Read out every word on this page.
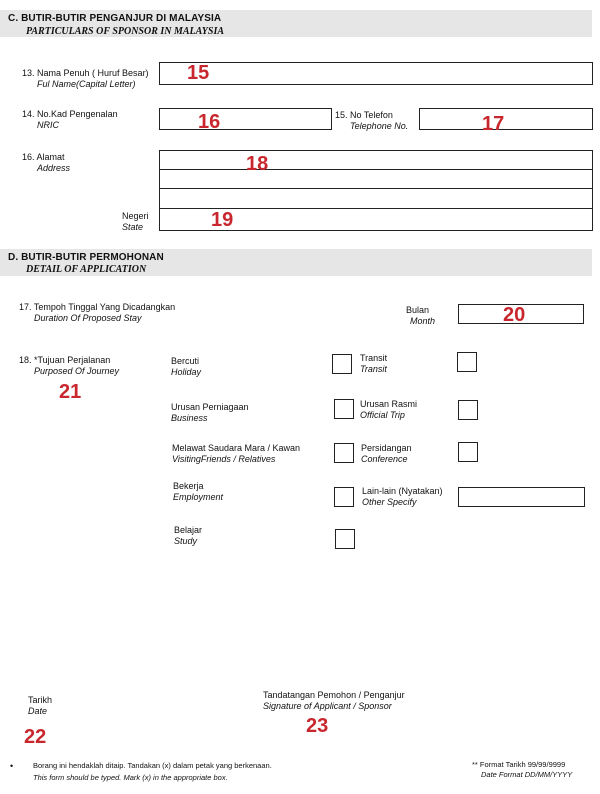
C. BUTIR-BUTIR PENGANJUR DI MALAYSIA
PARTICULARS OF SPONSOR IN MALAYSIA
13. Nama Penuh ( Huruf Besar)
Ful Name(Capital Letter)	15
14. No.Kad Pengenalan
NRIC	16	15. No Telefon
Telephone No.	17
16. Alamat
Address	18
Negeri
State	19
D. BUTIR-BUTIR PERMOHONAN
DETAIL OF APPLICATION
17. Tempoh Tinggal Yang Dicadangkan
Duration Of Proposed Stay
Bulan
Month	20
18. *Tujuan Perjalanan
Purposed Of Journey
21
Bercuti
Holiday
Urusan Perniagaan
Business
Melawat Saudara Mara / Kawan
VisitingFriends / Relatives
Bekerja
Employment
Belajar
Study
Transit
Transit
Urusan Rasmi
Official Trip
Persidangan
Conference
Lain-lain (Nyatakan)
Other Specify
Tarikh
Date
22
Tandatangan Pemohon / Penganjur
Signature of Applicant / Sponsor
23
•	Borang ini hendaklah ditaip. Tandakan (x) dalam petak yang berkenaan.
This form should be typed. Mark (x) in the appropriate box.
** Format Tarikh 99/99/9999
Date Format DD/MM/YYYY
